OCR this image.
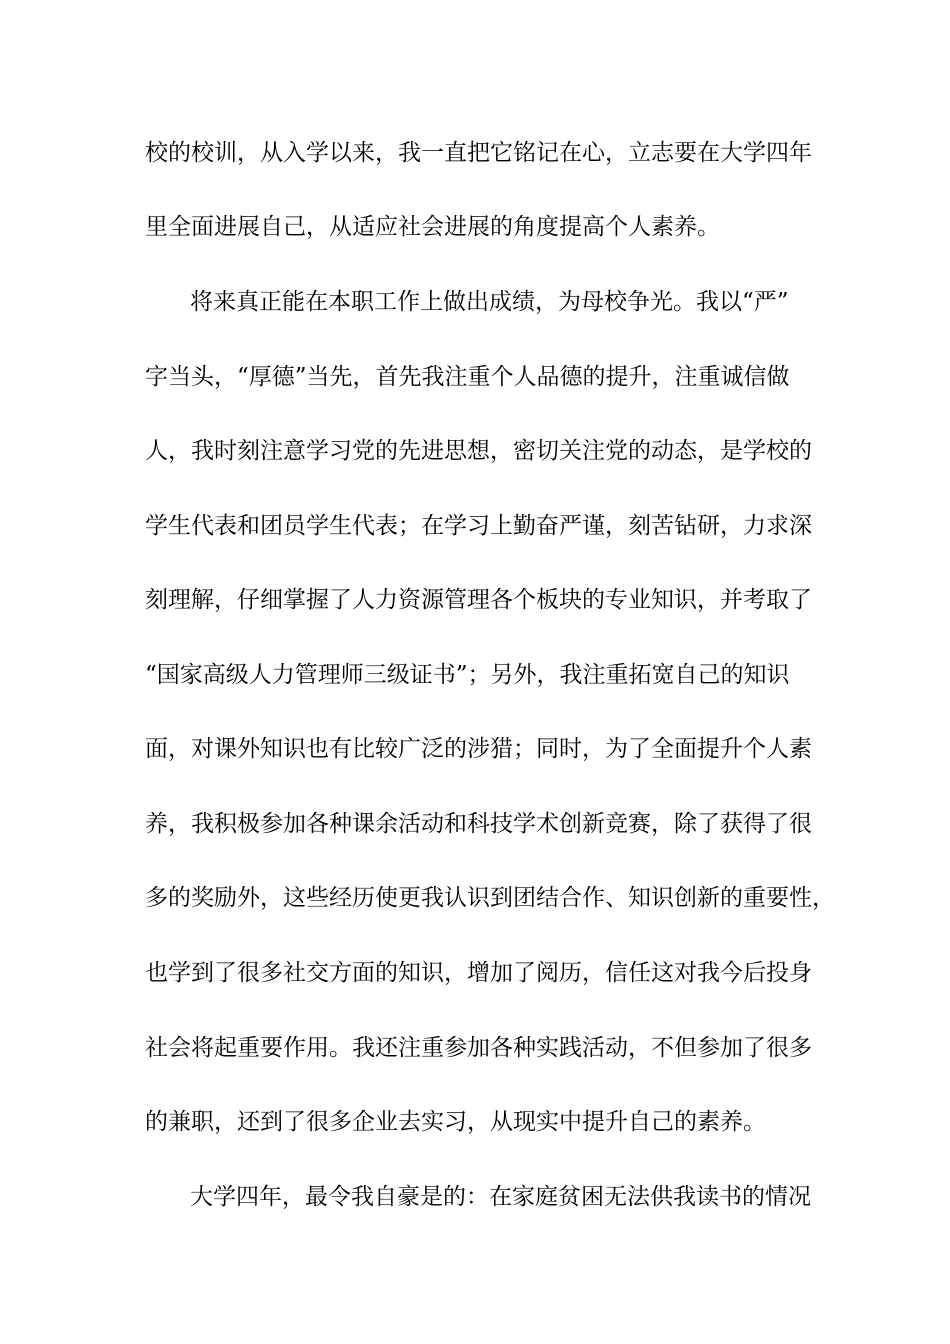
校的校训，从入学以来，我一直把它铭记在心，立志要在大学四年
里全面进展自己，从适应社会进展的角度提高个人素养。
将来真正能在本职工作上做出成绩，为母校争光。我以“严”
字当头，“厚德”当先，首先我注重个人品德的提升，注重诚信做
人，我时刻注意学习党的先进思想，密切关注党的动态，是学校的
学生代表和团员学生代表；在学习上勤奋严谨，刻苦钻研，力求深
刻理解，仔细掌握了人力资源管理各个板块的专业知识，并考取了
“国家高级人力管理师三级证书”；另外，我注重拓宽自己的知识
面，对课外知识也有比较广泛的涉猎；同时，为了全面提升个人素
养，我积极参加各种课余活动和科技学术创新竞赛，除了获得了很
多的奖励外，这些经历使更我认识到团结合作、知识创新的重要性，
也学到了很多社交方面的知识，增加了阅历，信任这对我今后投身
社会将起重要作用。我还注重参加各种实践活动，不但参加了很多
的兼职，还到了很多企业去实习，从现实中提升自己的素养。
大学四年，最令我自豪是的：在家庭贫困无法供我读书的情况
